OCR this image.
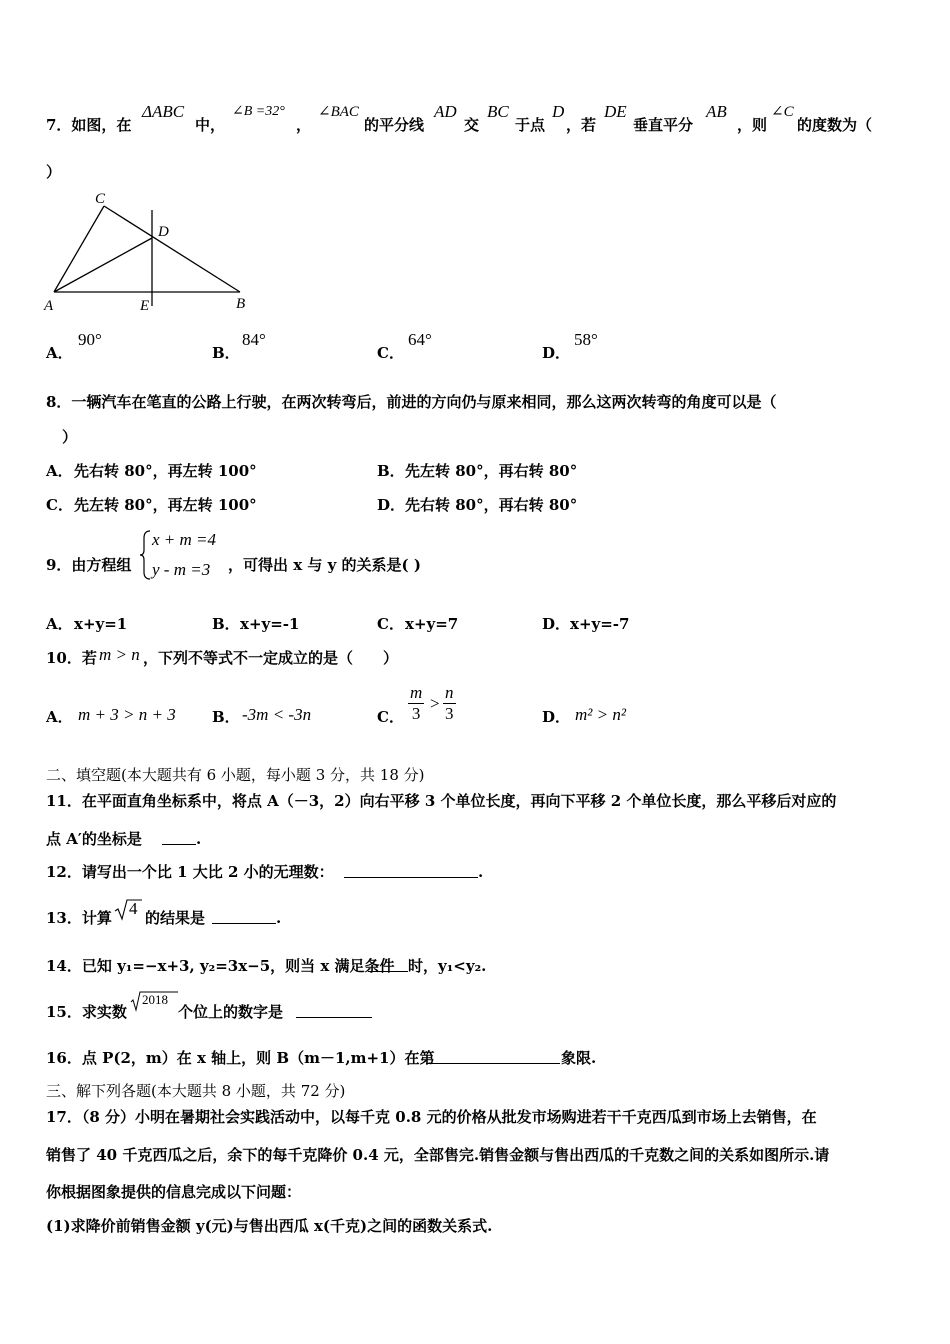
7．如图，在
ΔABC
中，
∠B =32°
，
∠BAC
的平分线
AD
交
BC
于点
D
，若
DE
垂直平分
AB
，则
∠C
的度数为（
）
C
D
A	E	B
A．
90°
B．
84°
C．
64°
D．
58°
8．一辆汽车在笔直的公路上行驶，在两次转弯后，前进的方向仍与原来相同，那么这两次转弯的角度可以是（
）
A． 先右转 80°，再左转 100°	B． 先左转 80°，再右转 80°
C． 先左转 80°，再左转 100°	D． 先右转 80°，再右转 80°
9．由方程组
x + m =4
y - m =3 ，可得出 x 与 y 的关系是( )
A． x+y=1	B． x+y=-1	C． x+y=7	D． x+y=-7
10．若 m > n ，下列不等式不一定成立的是（　　）
A． m + 3 > n + 3 B． -3m < -3n	C． $\frac{m}{3} > \frac{n}{3}$	D． m² > n²
二、填空题(本大题共有 6 小题，每小题 3 分，共 18 分)
11．在平面直角坐标系中，将点 A（－3，2）向右平移 3 个单位长度，再向下平移 2 个单位长度，那么平移后对应的
点 A′的坐标是	.
12．请写出一个比 1 大比 2 小的无理数：	.
13．计算 4 的结果是	.
14．已知 y₁=−x+3, y₂=3x−5，则当 x 满足条件 时，y₁<y₂.
15．求实数
2018
个位上的数字是
16．点 P(2，m）在 x 轴上，则 B（m－1,m+1）在第	象限.
三、解下列各题(本大题共 8 小题，共 72 分)
17．（8 分）小明在暑期社会实践活动中，以每千克 0.8 元的价格从批发市场购进若干千克西瓜到市场上去销售，在
销售了 40 千克西瓜之后，余下的每千克降价 0.4 元，全部售完.销售金额与售出西瓜的千克数之间的关系如图所示.请
你根据图象提供的信息完成以下问题：
(1)求降价前销售金额 y(元)与售出西瓜 x(千克)之间的函数关系式.
